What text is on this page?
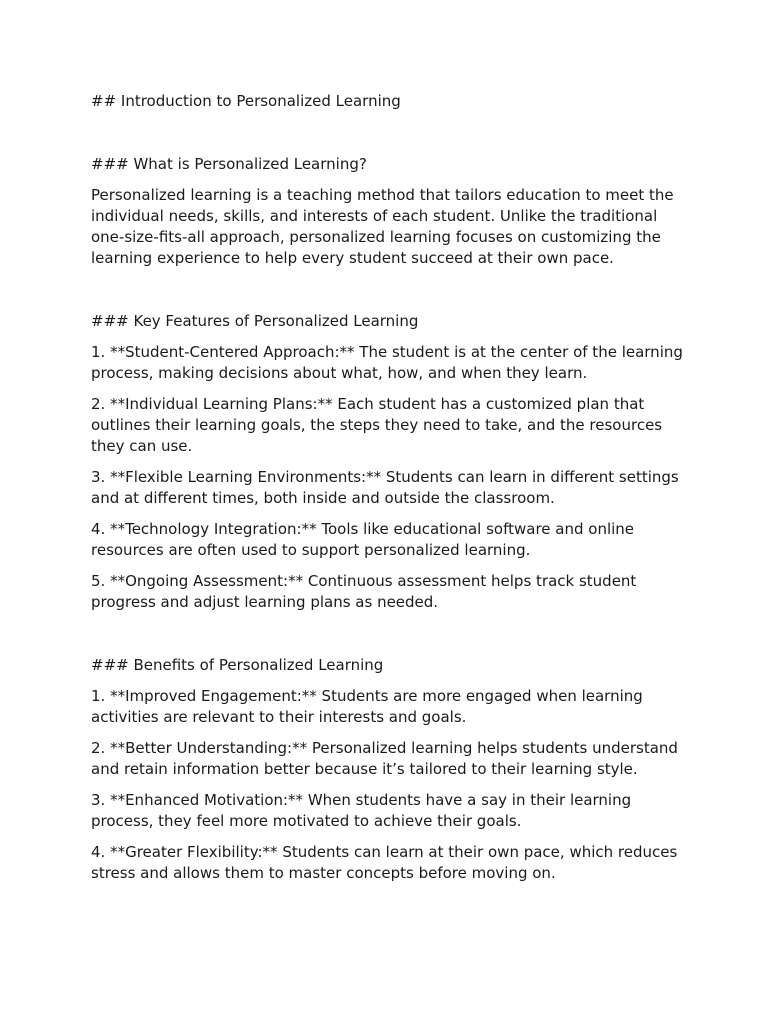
## Introduction to Personalized Learning

### What is Personalized Learning?

Personalized learning is a teaching method that tailors education to meet the individual needs, skills, and interests of each student. Unlike the traditional one-size-fits-all approach, personalized learning focuses on customizing the learning experience to help every student succeed at their own pace.

### Key Features of Personalized Learning

1. **Student-Centered Approach:** The student is at the center of the learning process, making decisions about what, how, and when they learn.

2. **Individual Learning Plans:** Each student has a customized plan that outlines their learning goals, the steps they need to take, and the resources they can use.

3. **Flexible Learning Environments:** Students can learn in different settings and at different times, both inside and outside the classroom.

4. **Technology Integration:** Tools like educational software and online resources are often used to support personalized learning.

5. **Ongoing Assessment:** Continuous assessment helps track student progress and adjust learning plans as needed.

### Benefits of Personalized Learning

1. **Improved Engagement:** Students are more engaged when learning activities are relevant to their interests and goals.

2. **Better Understanding:** Personalized learning helps students understand and retain information better because it’s tailored to their learning style.

3. **Enhanced Motivation:** When students have a say in their learning process, they feel more motivated to achieve their goals.

4. **Greater Flexibility:** Students can learn at their own pace, which reduces stress and allows them to master concepts before moving on.
